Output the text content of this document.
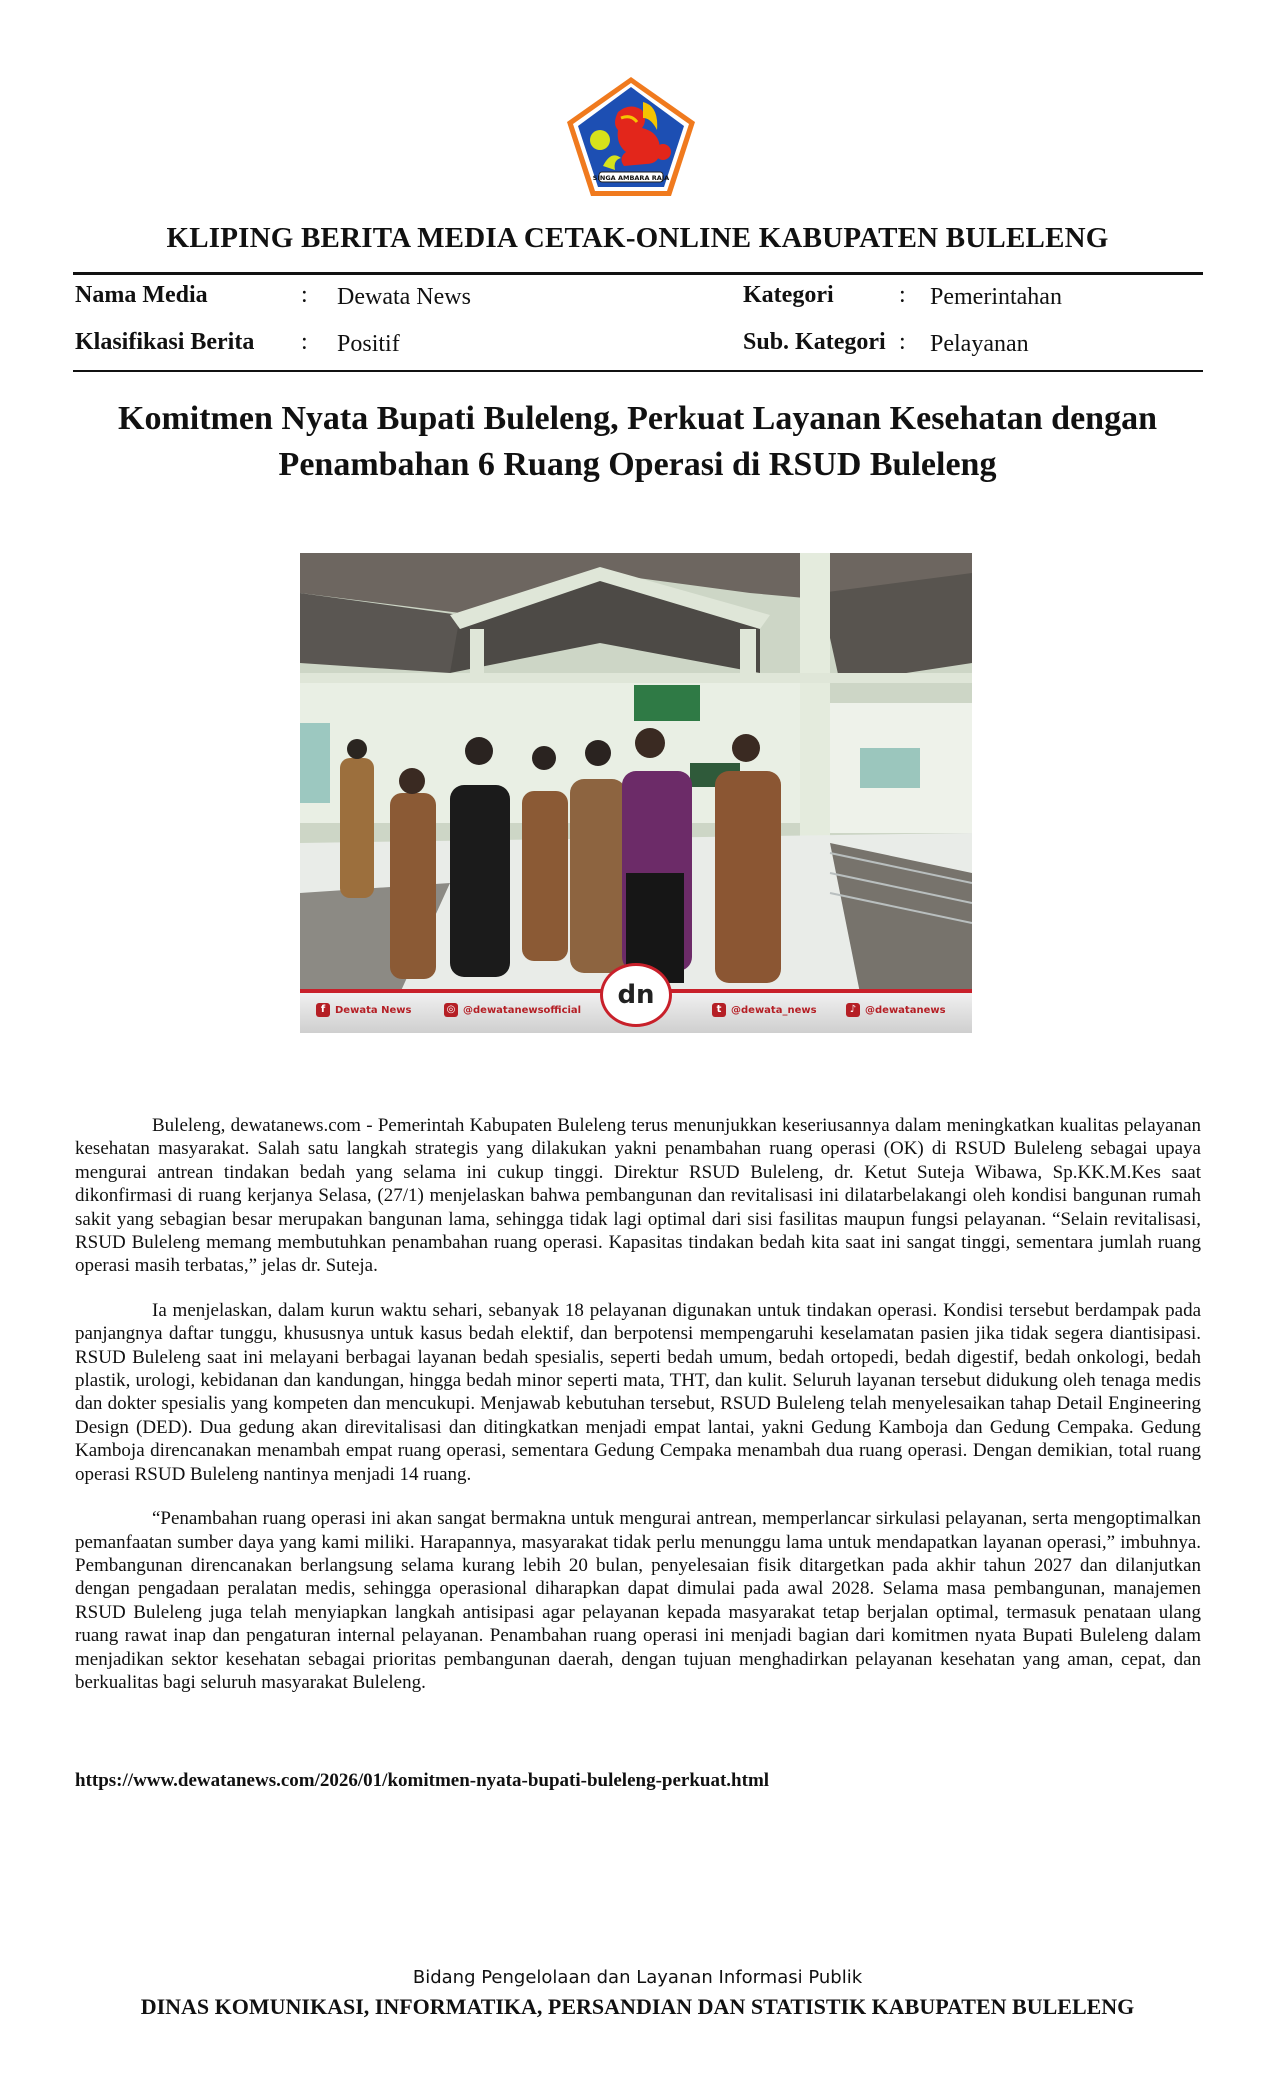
SINGA AMBARA RAJA
KLIPING BERITA MEDIA CETAK-ONLINE KABUPATEN BULELENG
Nama Media	: Dewata News	Kategori	: Pemerintahan
Klasifikasi Berita : Positif	Sub. Kategori : Pelayanan
Komitmen Nyata Bupati Buleleng, Perkuat Layanan Kesehatan dengan
Penambahan 6 Ruang Operasi di RSUD Buleleng
f Dewata News	◎ @dewatanewsofficial	t @dewata_news	♪ @dewatanews
dn

Buleleng, dewatanews.com - Pemerintah Kabupaten Buleleng terus menunjukkan keseriusannya dalam meningkatkan kualitas pelayanan kesehatan masyarakat. Salah satu langkah strategis yang dilakukan yakni penambahan ruang operasi (OK) di RSUD Buleleng sebagai upaya mengurai antrean tindakan bedah yang selama ini cukup tinggi. Direktur RSUD Buleleng, dr. Ketut Suteja Wibawa, Sp.KK.M.Kes saat dikonfirmasi di ruang kerjanya Selasa, (27/1) menjelaskan bahwa pembangunan dan revitalisasi ini dilatarbelakangi oleh kondisi bangunan rumah sakit yang sebagian besar merupakan bangunan lama, sehingga tidak lagi optimal dari sisi fasilitas maupun fungsi pelayanan. “Selain revitalisasi, RSUD Buleleng memang membutuhkan penambahan ruang operasi. Kapasitas tindakan bedah kita saat ini sangat tinggi, sementara jumlah ruang operasi masih terbatas,” jelas dr. Suteja.

Ia menjelaskan, dalam kurun waktu sehari, sebanyak 18 pelayanan digunakan untuk tindakan operasi. Kondisi tersebut berdampak pada panjangnya daftar tunggu, khususnya untuk kasus bedah elektif, dan berpotensi mempengaruhi keselamatan pasien jika tidak segera diantisipasi. RSUD Buleleng saat ini melayani berbagai layanan bedah spesialis, seperti bedah umum, bedah ortopedi, bedah digestif, bedah onkologi, bedah plastik, urologi, kebidanan dan kandungan, hingga bedah minor seperti mata, THT, dan kulit. Seluruh layanan tersebut didukung oleh tenaga medis dan dokter spesialis yang kompeten dan mencukupi. Menjawab kebutuhan tersebut, RSUD Buleleng telah menyelesaikan tahap Detail Engineering Design (DED). Dua gedung akan direvitalisasi dan ditingkatkan menjadi empat lantai, yakni Gedung Kamboja dan Gedung Cempaka. Gedung Kamboja direncanakan menambah empat ruang operasi, sementara Gedung Cempaka menambah dua ruang operasi. Dengan demikian, total ruang operasi RSUD Buleleng nantinya menjadi 14 ruang.

“Penambahan ruang operasi ini akan sangat bermakna untuk mengurai antrean, memperlancar sirkulasi pelayanan, serta mengoptimalkan pemanfaatan sumber daya yang kami miliki. Harapannya, masyarakat tidak perlu menunggu lama untuk mendapatkan layanan operasi,” imbuhnya. Pembangunan direncanakan berlangsung selama kurang lebih 20 bulan, penyelesaian fisik ditargetkan pada akhir tahun 2027 dan dilanjutkan dengan pengadaan peralatan medis, sehingga operasional diharapkan dapat dimulai pada awal 2028. Selama masa pembangunan, manajemen RSUD Buleleng juga telah menyiapkan langkah antisipasi agar pelayanan kepada masyarakat tetap berjalan optimal, termasuk penataan ulang ruang rawat inap dan pengaturan internal pelayanan. Penambahan ruang operasi ini menjadi bagian dari komitmen nyata Bupati Buleleng dalam menjadikan sektor kesehatan sebagai prioritas pembangunan daerah, dengan tujuan menghadirkan pelayanan kesehatan yang aman, cepat, dan berkualitas bagi seluruh masyarakat Buleleng.

https://www.dewatanews.com/2026/01/komitmen-nyata-bupati-buleleng-perkuat.html
Bidang Pengelolaan dan Layanan Informasi Publik
DINAS KOMUNIKASI, INFORMATIKA, PERSANDIAN DAN STATISTIK KABUPATEN BULELENG
